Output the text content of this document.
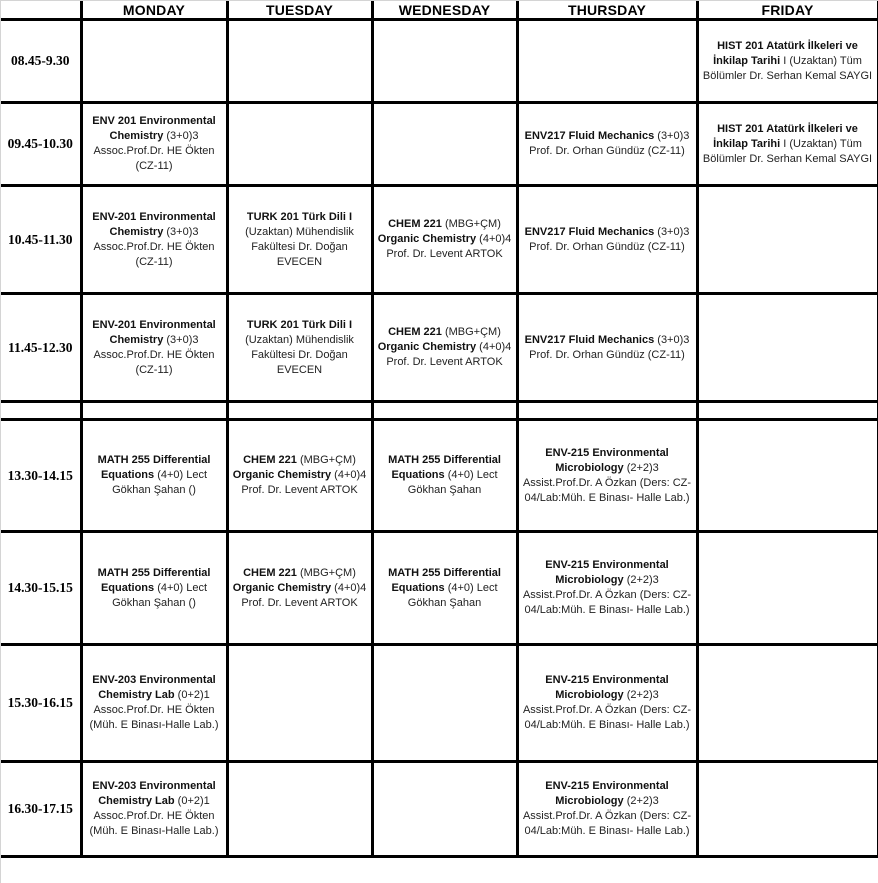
	MONDAY	TUESDAY	WEDNESDAY	THURSDAY	FRIDAY
08.45-9.30					HIST 201 Atatürk İlkeleri ve İnkilap Tarihi I (Uzaktan) Tüm Bölümler Dr. Serhan Kemal SAYGI

09.45-10.30	ENV 201 Environmental Chemistry (3+0)3
Assoc.Prof.Dr. HE Ökten (CZ-11)			ENV217 Fluid Mechanics (3+0)3
Prof. Dr. Orhan Gündüz (CZ-11)	HIST 201 Atatürk İlkeleri ve İnkilap Tarihi I (Uzaktan) Tüm Bölümler Dr. Serhan Kemal SAYGI

10.45-11.30	ENV-201 Environmental Chemistry (3+0)3
Assoc.Prof.Dr. HE Ökten (CZ-11)	TURK 201 Türk Dili I
(Uzaktan) Mühendislik Fakültesi Dr. Doğan EVECEN	CHEM 221 (MBG+ÇM)
Organic Chemistry (4+0)4
Prof. Dr. Levent ARTOK	ENV217 Fluid Mechanics (3+0)3
Prof. Dr. Orhan Gündüz (CZ-11)	

11.45-12.30	ENV-201 Environmental Chemistry (3+0)3
Assoc.Prof.Dr. HE Ökten (CZ-11)	TURK 201 Türk Dili I
(Uzaktan) Mühendislik Fakültesi Dr. Doğan EVECEN	CHEM 221 (MBG+ÇM)
Organic Chemistry (4+0)4
Prof. Dr. Levent ARTOK	ENV217 Fluid Mechanics (3+0)3
Prof. Dr. Orhan Gündüz (CZ-11)	

13.30-14.15	MATH 255 Differential Equations (4+0) Lect
Gökhan Şahan ()	CHEM 221 (MBG+ÇM)
Organic Chemistry (4+0)4
Prof. Dr. Levent ARTOK	MATH 255 Differential Equations (4+0) Lect
Gökhan Şahan	ENV-215 Environmental Microbiology (2+2)3
Assist.Prof.Dr. A Özkan (Ders: CZ-04/Lab:Müh. E Binası- Halle Lab.)	

14.30-15.15	MATH 255 Differential Equations (4+0) Lect
Gökhan Şahan ()	CHEM 221 (MBG+ÇM)
Organic Chemistry (4+0)4
Prof. Dr. Levent ARTOK	MATH 255 Differential Equations (4+0) Lect
Gökhan Şahan	ENV-215 Environmental Microbiology (2+2)3
Assist.Prof.Dr. A Özkan (Ders: CZ-04/Lab:Müh. E Binası- Halle Lab.)	

15.30-16.15	ENV-203 Environmental Chemistry Lab (0+2)1
Assoc.Prof.Dr. HE Ökten (Müh. E Binası-Halle Lab.)			ENV-215 Environmental Microbiology (2+2)3
Assist.Prof.Dr. A Özkan (Ders: CZ-04/Lab:Müh. E Binası- Halle Lab.)	

16.30-17.15	ENV-203 Environmental Chemistry Lab (0+2)1
Assoc.Prof.Dr. HE Ökten (Müh. E Binası-Halle Lab.)			ENV-215 Environmental Microbiology (2+2)3
Assist.Prof.Dr. A Özkan (Ders: CZ-04/Lab:Müh. E Binası- Halle Lab.)	
